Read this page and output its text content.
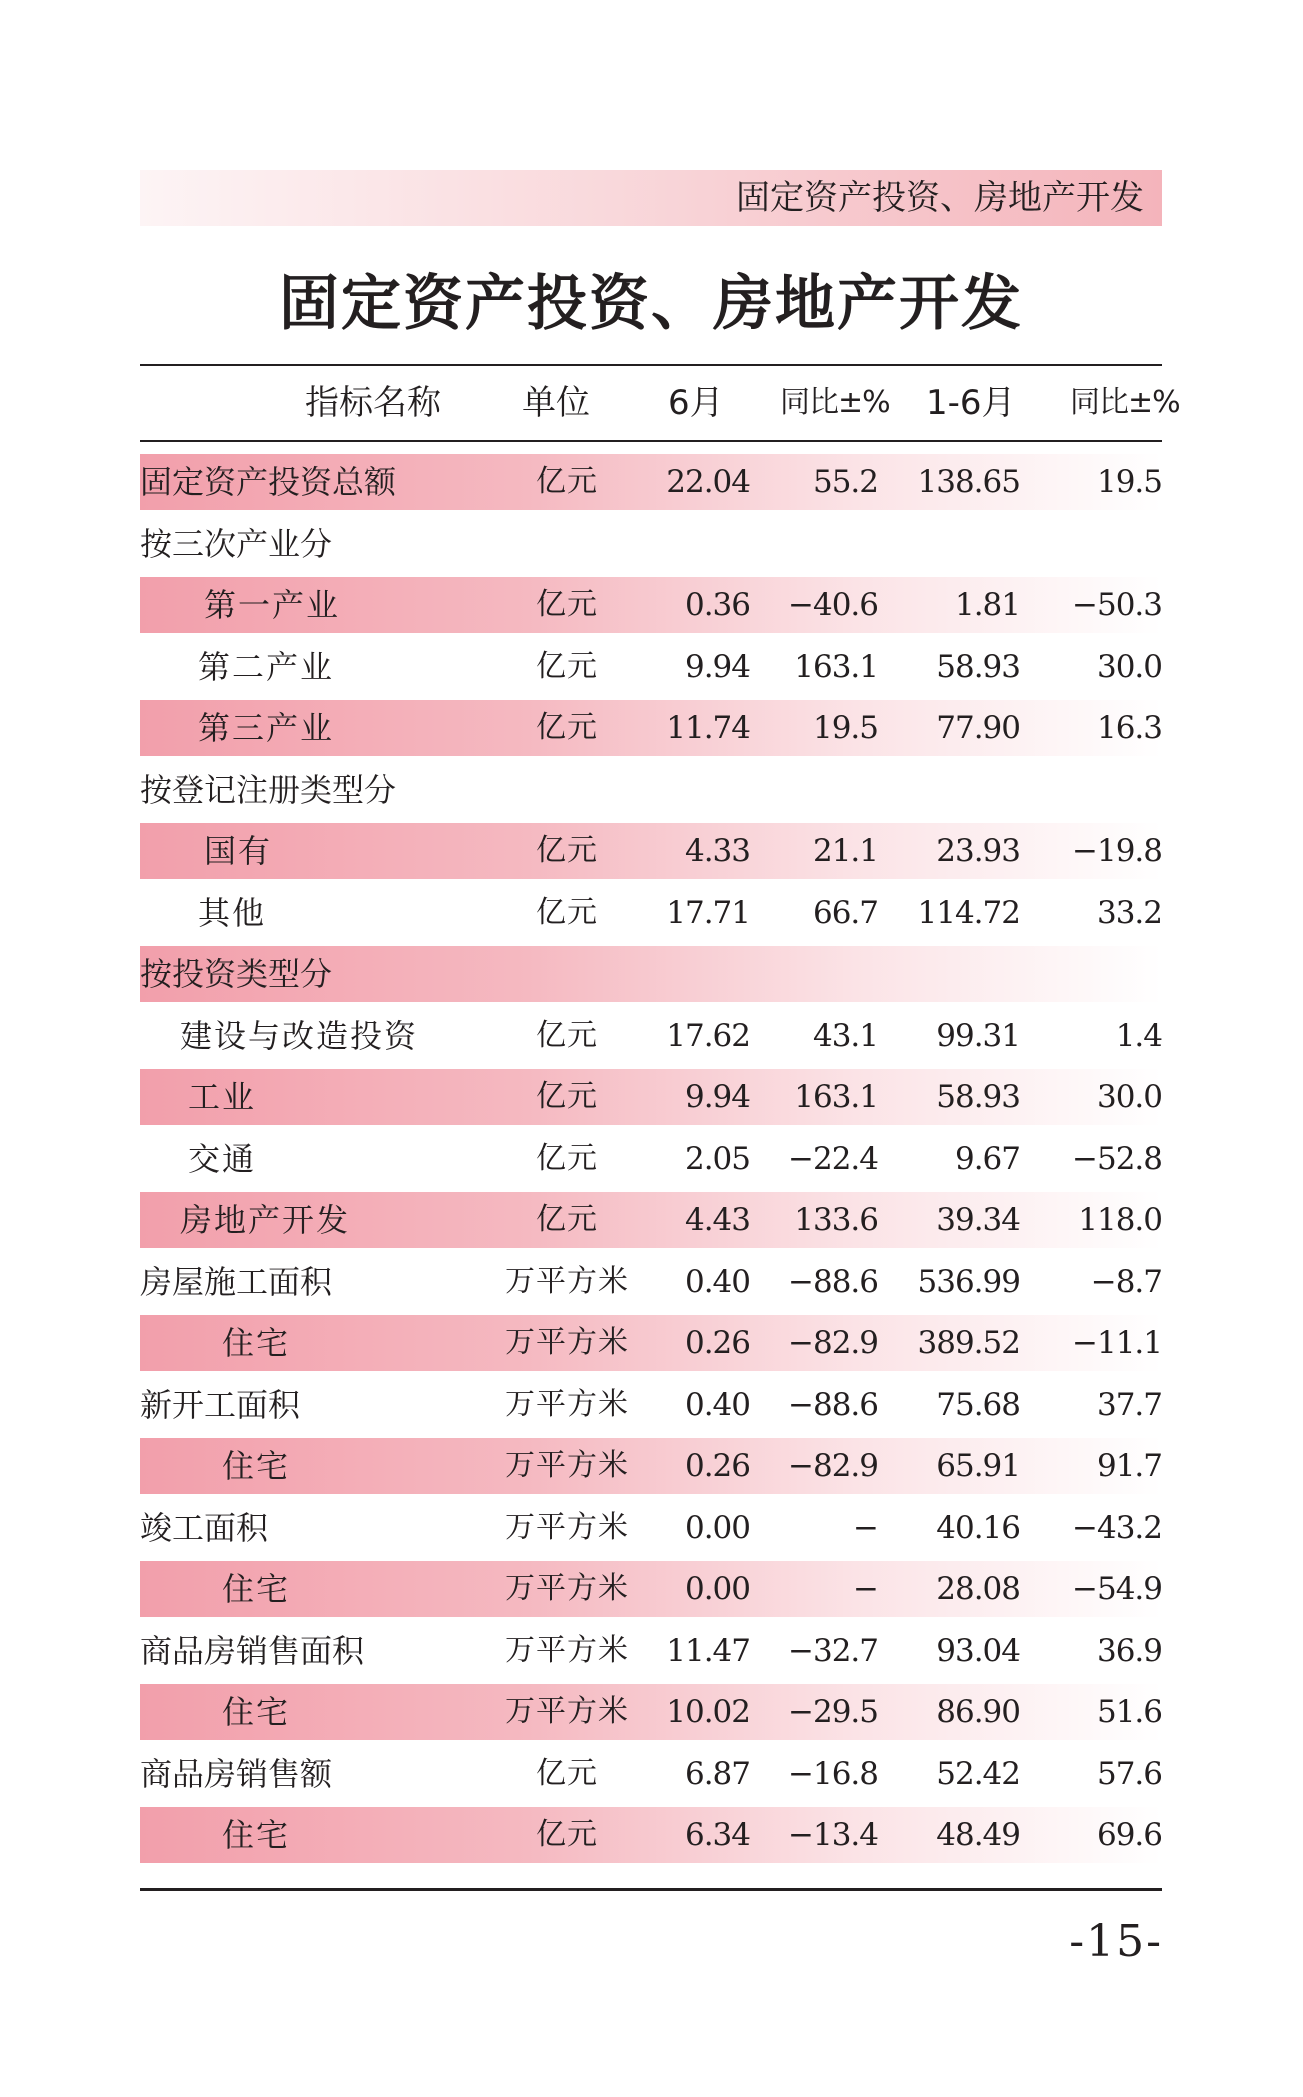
固定资产投资、房地产开发
固定资产投资、房地产开发
指标名称 单位 6月 同比±% 1-6月 同比±%
固定资产投资总额	亿元	22.04 55.2 138.65 19.5
按三次产业分
第一产业	亿元	0.36 −40.6 1.81 −50.3
第二产业	亿元	9.94 163.1 58.93 30.0
第三产业	亿元	11.74 19.5 77.90 16.3
按登记注册类型分
国有	亿元	4.33 21.1 23.93 −19.8
其他	亿元	17.71 66.7 114.72 33.2
按投资类型分
建设与改造投资	亿元	17.62 43.1 99.31	1.4
工业	亿元	9.94 163.1 58.93 30.0
交通	亿元	2.05 −22.4 9.67 −52.8
房地产开发	亿元	4.43 133.6 39.34 118.0
房屋施工面积	万平方米 0.40 −88.6 536.99 −8.7
住宅	万平方米 0.26 −82.9 389.52 −11.1
新开工面积	万平方米 0.40 −88.6 75.68 37.7
住宅	万平方米 0.26 −82.9 65.91 91.7
竣工面积	万平方米 0.00	− 40.16 −43.2
住宅	万平方米 0.00	− 28.08 −54.9
商品房销售面积	万平方米 11.47 −32.7 93.04 36.9
住宅	万平方米 10.02 −29.5 86.90 51.6
商品房销售额	亿元	6.87 −16.8 52.42 57.6
住宅	亿元	6.34 −13.4 48.49 69.6
-15-
